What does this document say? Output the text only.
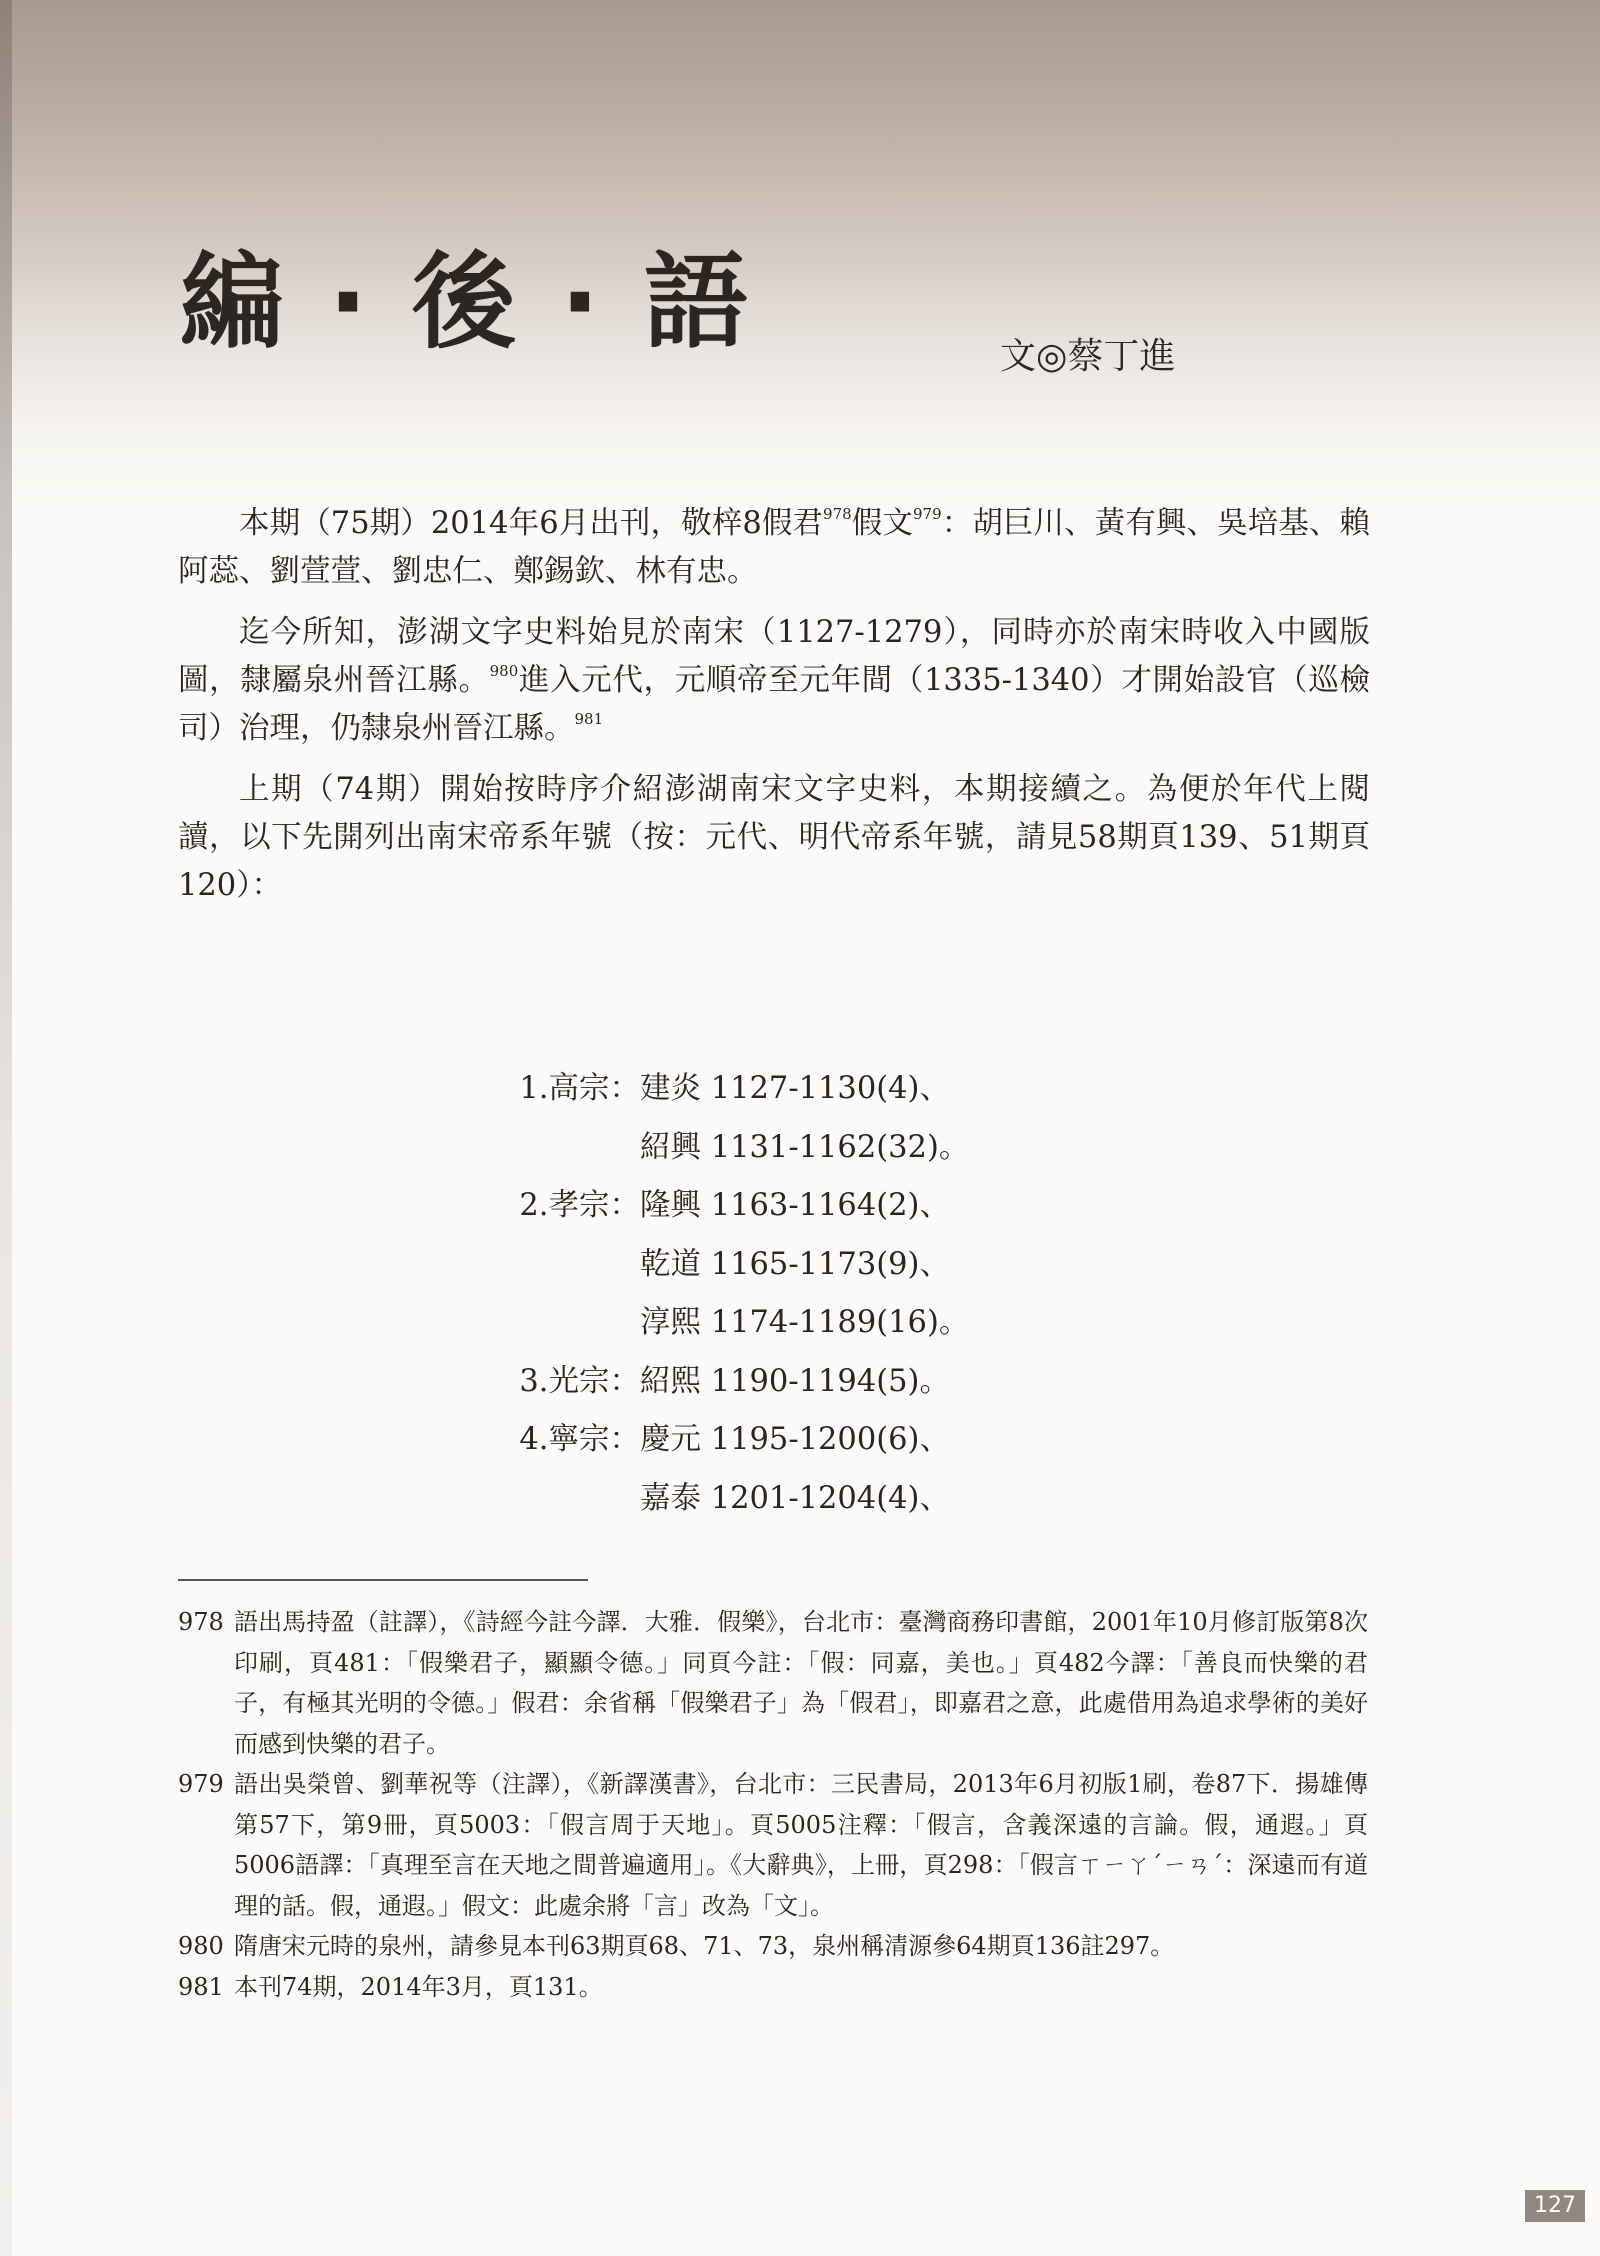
編 · 後 · 語	文◎蔡丁進

本期（75期）2014年6月出刊，敬梓8假君$^{978}$假文$^{979}$：胡巨川、黃有興、吳培基、賴阿蕊、劉萱萱、劉忠仁、鄭錫欽、林有忠。

迄今所知，澎湖文字史料始見於南宋（1127-1279），同時亦於南宋時收入中國版圖，隸屬泉州晉江縣。$^{980}$進入元代，元順帝至元年間（1335-1340）才開始設官（巡檢司）治理，仍隸泉州晉江縣。$^{981}$

上期（74期）開始按時序介紹澎湖南宋文字史料，本期接續之。為便於年代上閱讀，以下先開列出南宋帝系年號（按：元代、明代帝系年號，請見58期頁139、51期頁120）：

1.高宗： 建炎 1127-1130(4)、
紹興 1131-1162(32)。
2.孝宗： 隆興 1163-1164(2)、
乾道 1165-1173(9)、
淳熙 1174-1189(16)。
3.光宗： 紹熙 1190-1194(5)。
4.寧宗： 慶元 1195-1200(6)、
嘉泰 1201-1204(4)、
978 語出馬持盈（註譯），《詩經今註今譯．大雅．假樂》，台北市：臺灣商務印書館，2001年10月修訂版第8次印刷，頁481：「假樂君子，顯顯令德。」同頁今註：「假：同嘉，美也。」頁482今譯：「善良而快樂的君子，有極其光明的令德。」假君：余省稱「假樂君子」為「假君」，即嘉君之意，此處借用為追求學術的美好而感到快樂的君子。
979 語出吳榮曾、劉華祝等（注譯），《新譯漢書》，台北市：三民書局，2013年6月初版1刷，卷87下．揚雄傳第57下，第9冊，頁5003：「假言周于天地」。頁5005注釋：「假言，含義深遠的言論。假，通遐。」頁5006語譯：「真理至言在天地之間普遍適用」。《大辭典》，上冊，頁298：「假言ㄒㄧㄚˊㄧㄢˊ：深遠而有道理的話。假，通遐。」假文：此處余將「言」改為「文」。
980 隋唐宋元時的泉州，請參見本刊63期頁68、71、73，泉州稱清源參64期頁136註297。
981 本刊74期，2014年3月，頁131。
127
